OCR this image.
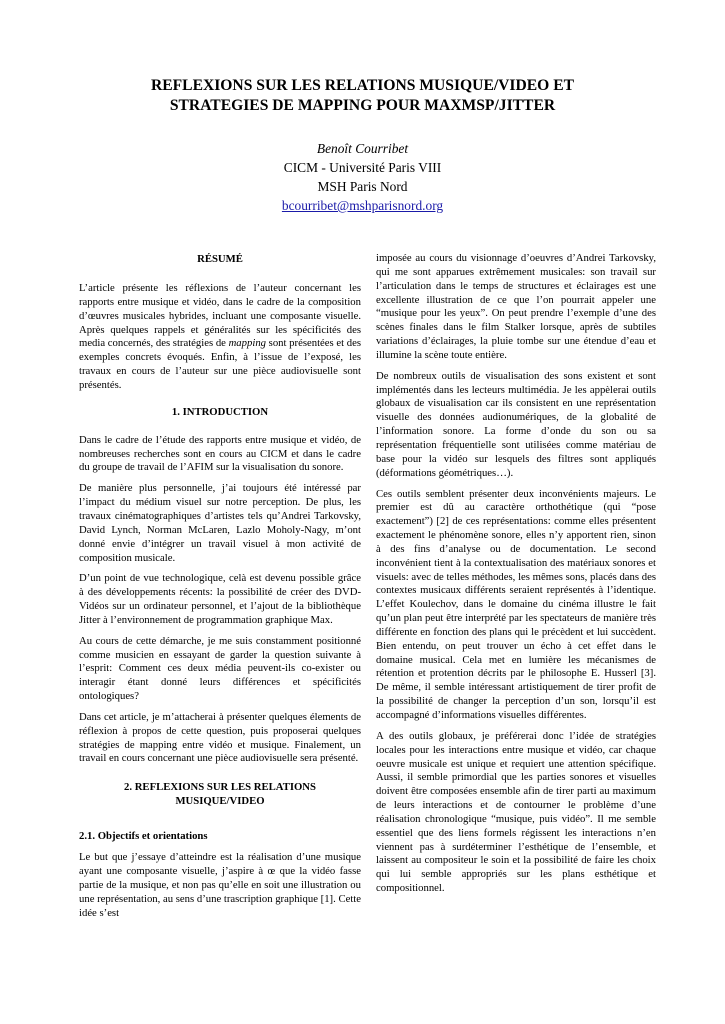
REFLEXIONS SUR LES RELATIONS MUSIQUE/VIDEO ET
STRATEGIES DE MAPPING POUR MAXMSP/JITTER
Benoît Courribet
CICM - Université Paris VIII
MSH Paris Nord
bcourribet@mshparisnord.org
RÉSUMÉ

L’article présente les réflexions de l’auteur concernant les rapports entre musique et vidéo, dans le cadre de la composition d’œuvres musicales hybrides, incluant une composante visuelle. Après quelques rappels et généralités sur les spécificités des media concernés, des stratégies de mapping sont présentées et des exemples concrets évoqués. Enfin, à l’issue de l’exposé, les travaux en cours de l’auteur sur une pièce audiovisuelle sont présentés.

1. INTRODUCTION

Dans le cadre de l’étude des rapports entre musique et vidéo, de nombreuses recherches sont en cours au CICM et dans le cadre du groupe de travail de l’AFIM sur la visualisation du sonore.

De manière plus personnelle, j’ai toujours été intéressé par l’impact du médium visuel sur notre perception. De plus, les travaux cinématographiques d’artistes tels qu’Andrei Tarkovsky, David Lynch, Norman McLaren, Lazlo Moholy-Nagy, m’ont donné envie d’intégrer un travail visuel à mon activité de composition musicale.

D’un point de vue technologique, celà est devenu possible grâce à des développements récents: la possibilité de créer des DVD-Vidéos sur un ordinateur personnel, et l’ajout de la bibliothèque Jitter à l’environnement de programmation graphique Max.

Au cours de cette démarche, je me suis constamment positionné comme musicien en essayant de garder la question suivante à l’esprit: Comment ces deux média peuvent-ils co-exister ou interagir étant donné leurs différences et spécificités ontologiques?

Dans cet article, je m’attacherai à présenter quelques élements de réflexion à propos de cette question, puis proposerai quelques stratégies de mapping entre vidéo et musique. Finalement, un travail en cours concernant une pièce audiovisuelle sera présenté.

2. REFLEXIONS SUR LES RELATIONS
MUSIQUE/VIDEO
2.1. Objectifs et orientations

Le but que j’essaye d’atteindre est la réalisation d’une musique ayant une composante visuelle, j’aspire à œ que la vidéo fasse partie de la musique, et non pas qu’elle en soit une illustration ou une représentation, au sens d’une trascription graphique [1]. Cette idée s’est

imposée au cours du visionnage d’oeuvres d’Andrei Tarkovsky, qui me sont apparues extrêmement musicales: son travail sur l’articulation dans le temps de structures et éclairages est une excellente illustration de ce que l’on pourrait appeler une “musique pour les yeux”. On peut prendre l’exemple d’une des scènes finales dans le film Stalker lorsque, après de subtiles variations d’éclairages, la pluie tombe sur une étendue d’eau et illumine la scène toute entière.

De nombreux outils de visualisation des sons existent et sont implémentés dans les lecteurs multimédia. Je les appèlerai outils globaux de visualisation car ils consistent en une représentation visuelle des données audionumériques, de la globalité de l’information sonore. La forme d’onde du son ou sa représentation fréquentielle sont utilisées comme matériau de base pour la vidéo sur lesquels des filtres sont appliqués (déformations géométriques…).

Ces outils semblent présenter deux inconvénients majeurs. Le premier est dû au caractère orthothétique (qui “pose exactement”) [2] de ces représentations: comme elles présentent exactement le phénomène sonore, elles n’y apportent rien, sinon à des fins d’analyse ou de documentation. Le second inconvénient tient à la contextualisation des matériaux sonores et visuels: avec de telles méthodes, les mêmes sons, placés dans des contextes musicaux différents seraient représentés à l’identique. L’effet Koulechov, dans le domaine du cinéma illustre le fait qu’un plan peut être interprété par les spectateurs de manière très différente en fonction des plans qui le précèdent et lui succèdent. Bien entendu, on peut trouver un écho à cet effet dans le domaine musical. Cela met en lumière les mécanismes de rétention et protention décrits par le philosophe E. Husserl [3]. De même, il semble intéressant artistiquement de tirer profit de la possibilité de changer la perception d’un son, lorsqu’il est accompagné d’informations visuelles différentes.

A des outils globaux, je préférerai donc l’idée de stratégies locales pour les interactions entre musique et vidéo, car chaque oeuvre musicale est unique et requiert une attention spécifique. Aussi, il semble primordial que les parties sonores et visuelles doivent être composées ensemble afin de tirer parti au maximum de leurs interactions et de contourner le problème d’une réalisation chronologique “musique, puis vidéo”. Il me semble essentiel que des liens formels régissent les interactions n’en viennent pas à surdéterminer l’esthétique de l’ensemble, et laissent au compositeur le soin et la possibilité de faire les choix qui lui semble appropriés sur les plans esthétique et compositionnel.
